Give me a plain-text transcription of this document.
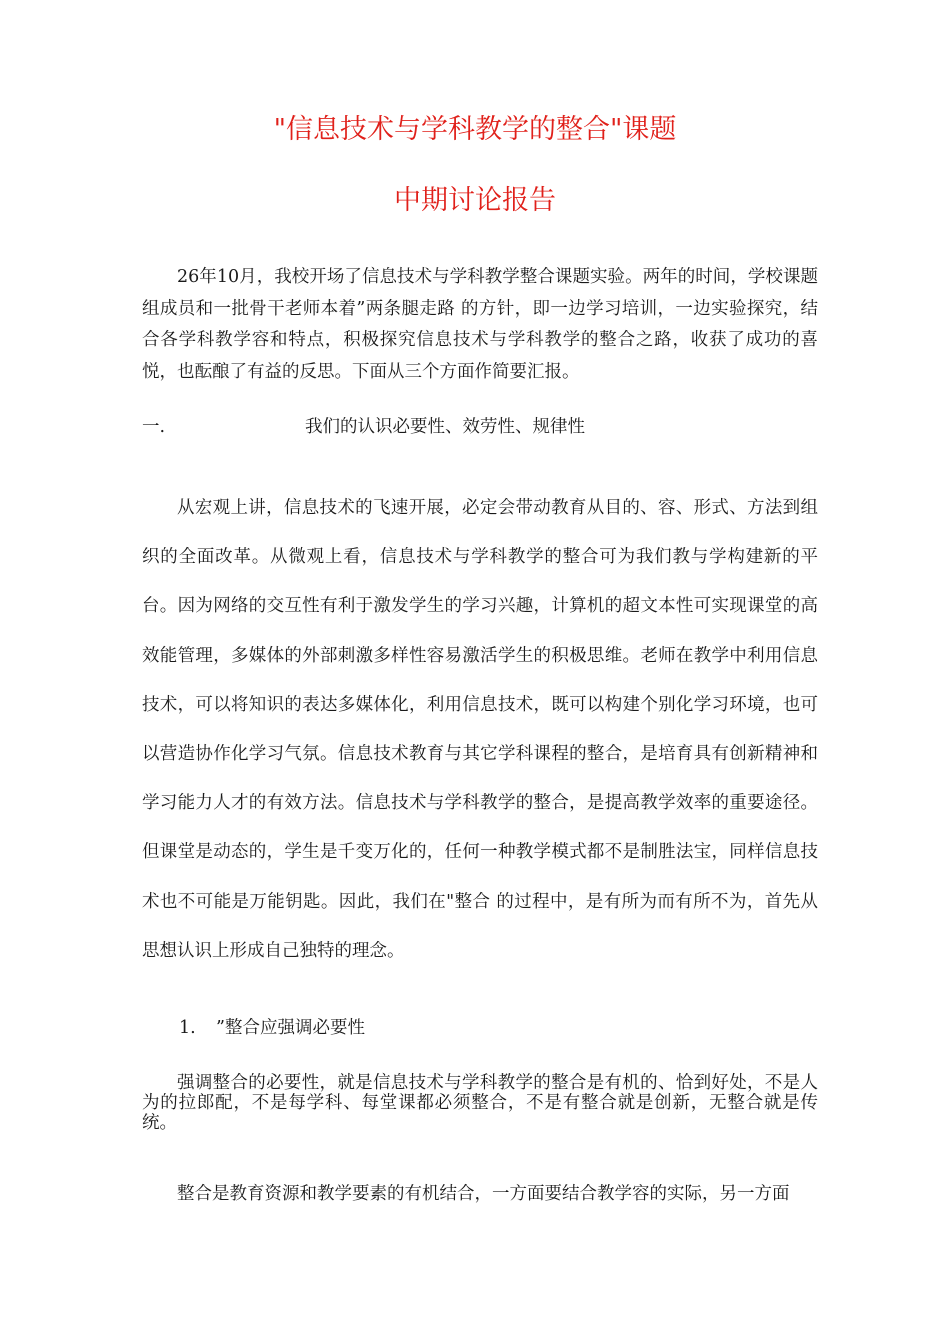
"信息技术与学科教学的整合"课题
中期讨论报告

26年10月，我校开场了信息技术与学科教学整合课题实验。两年的时间，学校课题组成员和一批骨干老师本着”两条腿走路 的方针，即一边学习培训，一边实验探究，结合各学科教学容和特点，积极探究信息技术与学科教学的整合之路，收获了成功的喜悦，也酝酿了有益的反思。下面从三个方面作简要汇报。

一.	我们的认识必要性、效劳性、规律性

从宏观上讲，信息技术的飞速开展，必定会带动教育从目的、容、形式、方法到组织的全面改革。从微观上看，信息技术与学科教学的整合可为我们教与学构建新的平台。因为网络的交互性有利于激发学生的学习兴趣，计算机的超文本性可实现课堂的高效能管理，多媒体的外部刺激多样性容易激活学生的积极思维。老师在教学中利用信息技术，可以将知识的表达多媒体化，利用信息技术，既可以构建个别化学习环境，也可以营造协作化学习气氛。信息技术教育与其它学科课程的整合，是培育具有创新精神和学习能力人才的有效方法。信息技术与学科教学的整合，是提高教学效率的重要途径。但课堂是动态的，学生是千变万化的，任何一种教学模式都不是制胜法宝，同样信息技术也不可能是万能钥匙。因此，我们在"整合 的过程中，是有所为而有所不为，首先从思想认识上形成自己独特的理念。

1. ”整合应强调必要性

强调整合的必要性，就是信息技术与学科教学的整合是有机的、恰到好处，不是人为的拉郎配，不是每学科、每堂课都必须整合，不是有整合就是创新，无整合就是传统。

整合是教育资源和教学要素的有机结合，一方面要结合教学容的实际，另一方面
